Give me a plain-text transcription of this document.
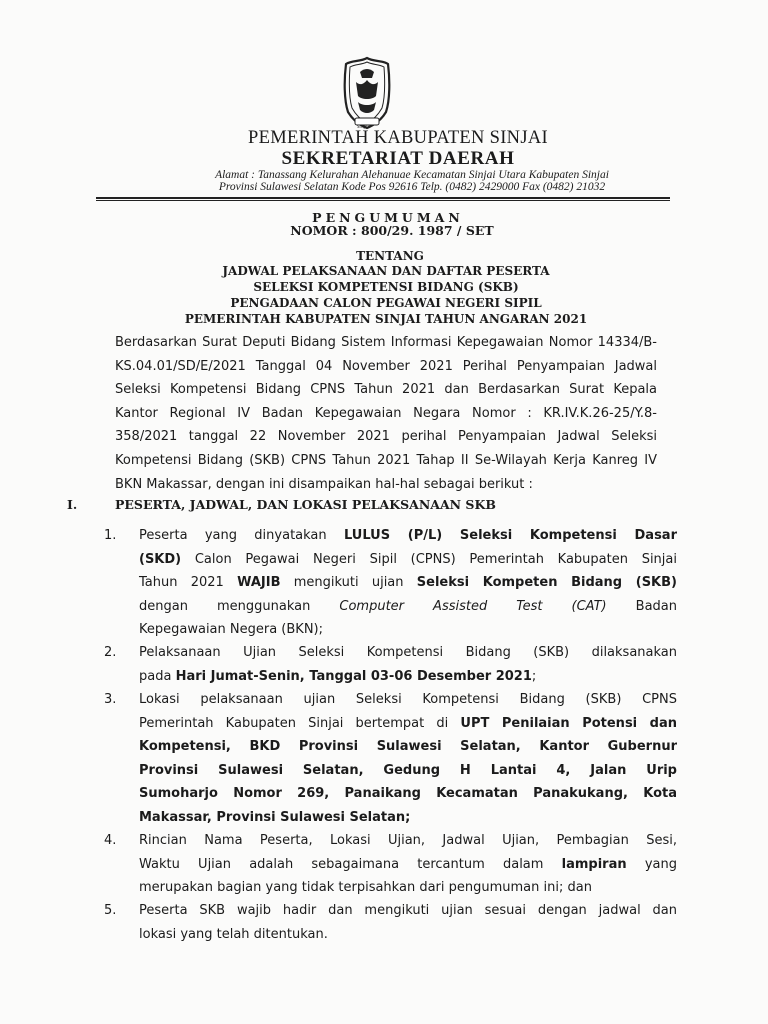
SINJAI
PEMERINTAH KABUPATEN SINJAI
SEKRETARIAT DAERAH
Alamat : Tanassang Kelurahan Alehanuae Kecamatan Sinjai Utara Kabupaten Sinjai
Provinsi Sulawesi Selatan Kode Pos 92616 Telp. (0482) 2429000 Fax (0482) 21032
PENGUMUMAN
NOMOR : 800/29. 1987 / SET
TENTANG
JADWAL PELAKSANAAN DAN DAFTAR PESERTA
SELEKSI KOMPETENSI BIDANG (SKB)
PENGADAAN CALON PEGAWAI NEGERI SIPIL
PEMERINTAH KABUPATEN SINJAI TAHUN ANGARAN 2021
Berdasarkan Surat Deputi Bidang Sistem Informasi Kepegawaian Nomor 14334/B-
KS.04.01/SD/E/2021 Tanggal 04 November 2021 Perihal Penyampaian Jadwal
Seleksi Kompetensi Bidang CPNS Tahun 2021 dan Berdasarkan Surat Kepala
Kantor Regional IV Badan Kepegawaian Negara Nomor : KR.IV.K.26-25/Y.8-
358/2021 tanggal 22 November 2021 perihal Penyampaian Jadwal Seleksi
Kompetensi Bidang (SKB) CPNS Tahun 2021 Tahap II Se-Wilayah Kerja Kanreg IV
BKN Makassar, dengan ini disampaikan hal-hal sebagai berikut :
I.	PESERTA, JADWAL, DAN LOKASI PELAKSANAAN SKB
1. Peserta yang dinyatakan LULUS (P/L) Seleksi Kompetensi Dasar
(SKD) Calon Pegawai Negeri Sipil (CPNS) Pemerintah Kabupaten Sinjai
Tahun 2021 WAJIB mengikuti ujian Seleksi Kompeten Bidang (SKB)
dengan menggunakan Computer Assisted Test (CAT) Badan
Kepegawaian Negera (BKN);
2. Pelaksanaan Ujian Seleksi Kompetensi Bidang (SKB) dilaksanakan
pada Hari Jumat-Senin, Tanggal 03-06 Desember 2021;
3. Lokasi pelaksanaan ujian Seleksi Kompetensi Bidang (SKB) CPNS
Pemerintah Kabupaten Sinjai bertempat di UPT Penilaian Potensi dan
Kompetensi, BKD Provinsi Sulawesi Selatan, Kantor Gubernur
Provinsi Sulawesi Selatan, Gedung H Lantai 4, Jalan Urip
Sumoharjo Nomor 269, Panaikang Kecamatan Panakukang, Kota
Makassar, Provinsi Sulawesi Selatan;
4. Rincian Nama Peserta, Lokasi Ujian, Jadwal Ujian, Pembagian Sesi,
Waktu Ujian adalah sebagaimana tercantum dalam lampiran yang
merupakan bagian yang tidak terpisahkan dari pengumuman ini; dan
5. Peserta SKB wajib hadir dan mengikuti ujian sesuai dengan jadwal dan
lokasi yang telah ditentukan.
